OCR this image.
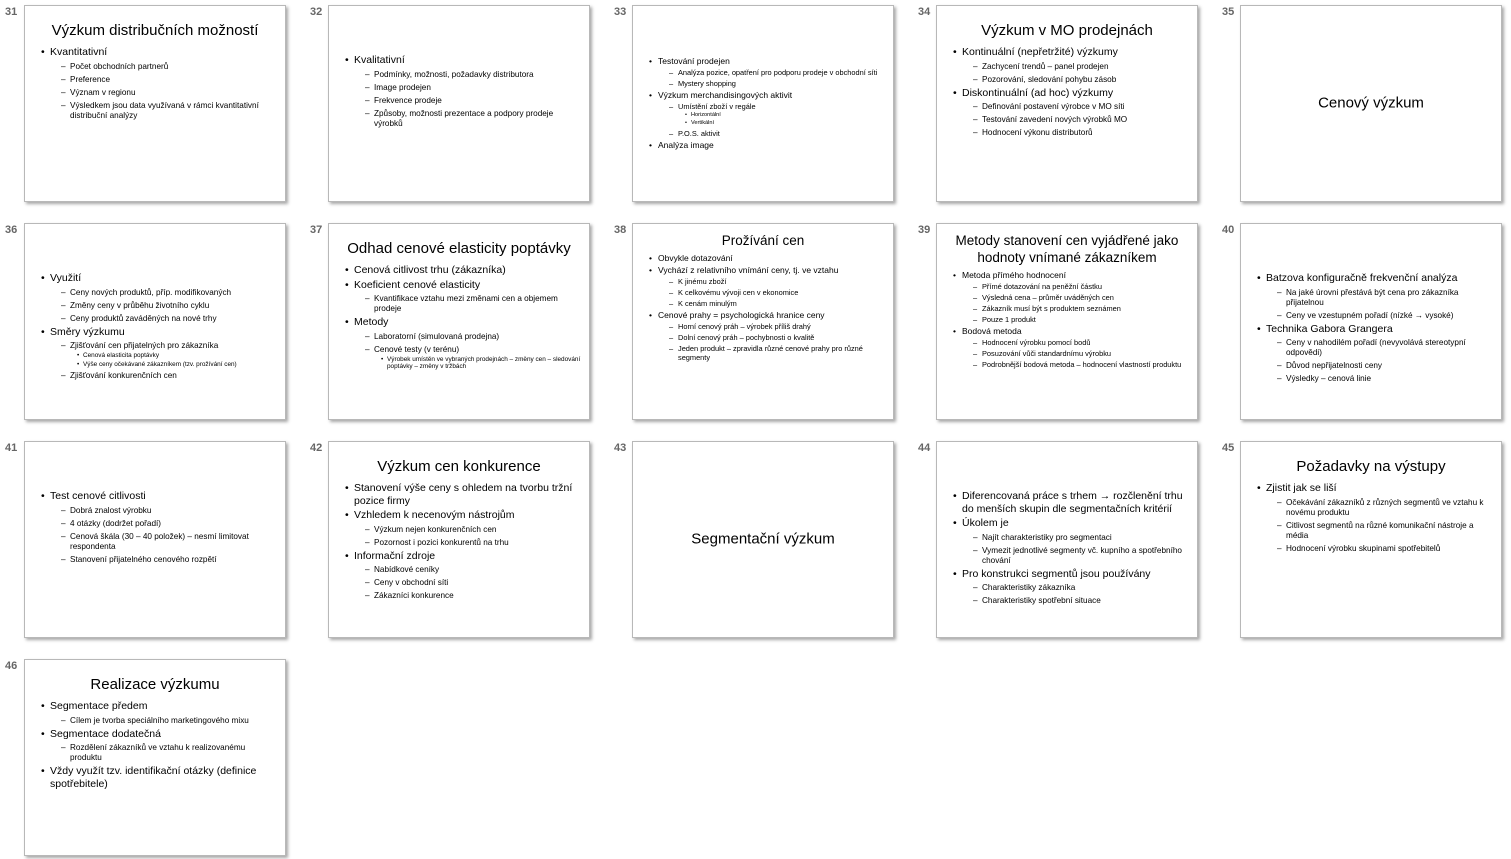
31
Výzkum distribučních možností
• Kvantitativní
– Počet obchodních partnerů
– Preference
– Význam v regionu
– Výsledkem jsou data využívaná v rámci kvantitativní distribuční analýzy
32
• Kvalitativní
– Podmínky, možnosti, požadavky distributora
– Image prodejen
– Frekvence prodeje
– Způsoby, možnosti prezentace a podpory prodeje výrobků
33
• Testování prodejen
– Analýza pozice, opatření pro podporu prodeje v obchodní síti
– Mystery shopping
• Výzkum merchandisingových aktivit
– Umístění zboží v regále
• Horizontální
• Vertikální
– P.O.S. aktivit
• Analýza image
34
Výzkum v MO prodejnách
• Kontinuální (nepřetržité) výzkumy
– Zachycení trendů – panel prodejen
– Pozorování, sledování pohybu zásob
• Diskontinuální (ad hoc) výzkumy
– Definování postavení výrobce v MO síti
– Testování zavedení nových výrobků MO
– Hodnocení výkonu distributorů
35
Cenový výzkum
36
• Využití
– Ceny nových produktů, příp. modifikovaných
– Změny ceny v průběhu životního cyklu
– Ceny produktů zaváděných na nové trhy
• Směry výzkumu
– Zjišťování cen přijatelných pro zákazníka
• Cenová elasticita poptávky
• Výše ceny očekávané zákazníkem (tzv. prožívání cen)
– Zjišťování konkurenčních cen
37
Odhad cenové elasticity poptávky
• Cenová citlivost trhu (zákazníka)
• Koeficient cenové elasticity
– Kvantifikace vztahu mezi změnami cen a objemem prodeje
• Metody
– Laboratorní (simulovaná prodejna)
– Cenové testy (v terénu)
• Výrobek umístěn ve vybraných prodejnách – změny cen – sledování poptávky – změny v tržbách
38
Prožívání cen
• Obvykle dotazování
• Vychází z relativního vnímání ceny, tj. ve vztahu
– K jinému zboží
– K celkovému vývoji cen v ekonomice
– K cenám minulým
• Cenové prahy = psychologická hranice ceny
– Horní cenový práh – výrobek příliš drahý
– Dolní cenový práh – pochybnosti o kvalitě
– Jeden produkt – zpravidla různé cenové prahy pro různé segmenty
39
Metody stanovení cen vyjádřené jako hodnoty vnímané zákazníkem
• Metoda přímého hodnocení
– Přímé dotazování na peněžní částku
– Výsledná cena – průměr uváděných cen
– Zákazník musí být s produktem seznámen
– Pouze 1 produkt
• Bodová metoda
– Hodnocení výrobku pomocí bodů
– Posuzování vůči standardnímu výrobku
– Podrobnější bodová metoda – hodnocení vlastností produktu
40
• Batzova konfiguračně frekvenční analýza
– Na jaké úrovni přestává být cena pro zákazníka přijatelnou
– Ceny ve vzestupném pořadí (nízké → vysoké)
• Technika Gabora Grangera
– Ceny v nahodilém pořadí (nevyvolává stereotypní odpovědi)
– Důvod nepřijatelnosti ceny
– Výsledky – cenová linie
41
• Test cenové citlivosti
– Dobrá znalost výrobku
– 4 otázky (dodržet pořadí)
– Cenová škála (30 – 40 položek) – nesmí limitovat respondenta
– Stanovení přijatelného cenového rozpětí
42
Výzkum cen konkurence
• Stanovení výše ceny s ohledem na tvorbu tržní pozice firmy
• Vzhledem k necenovým nástrojům
– Výzkum nejen konkurenčních cen
– Pozornost i pozici konkurentů na trhu
• Informační zdroje
– Nabídkové ceníky
– Ceny v obchodní síti
– Zákazníci konkurence
43
Segmentační výzkum
44
• Diferencovaná práce s trhem → rozčlenění trhu do menších skupin dle segmentačních kritérií
• Úkolem je
– Najít charakteristiky pro segmentaci
– Vymezit jednotlivé segmenty vč. kupního a spotřebního chování
• Pro konstrukci segmentů jsou používány
– Charakteristiky zákazníka
– Charakteristiky spotřební situace
45
Požadavky na výstupy
• Zjistit jak se liší
– Očekávání zákazníků z různých segmentů ve vztahu k novému produktu
– Citlivost segmentů na různé komunikační nástroje a média
– Hodnocení výrobku skupinami spotřebitelů
46
Realizace výzkumu
• Segmentace předem
– Cílem je tvorba speciálního marketingového mixu
• Segmentace dodatečná
– Rozdělení zákazníků ve vztahu k realizovanému produktu
• Vždy využít tzv. identifikační otázky (definice spotřebitele)
